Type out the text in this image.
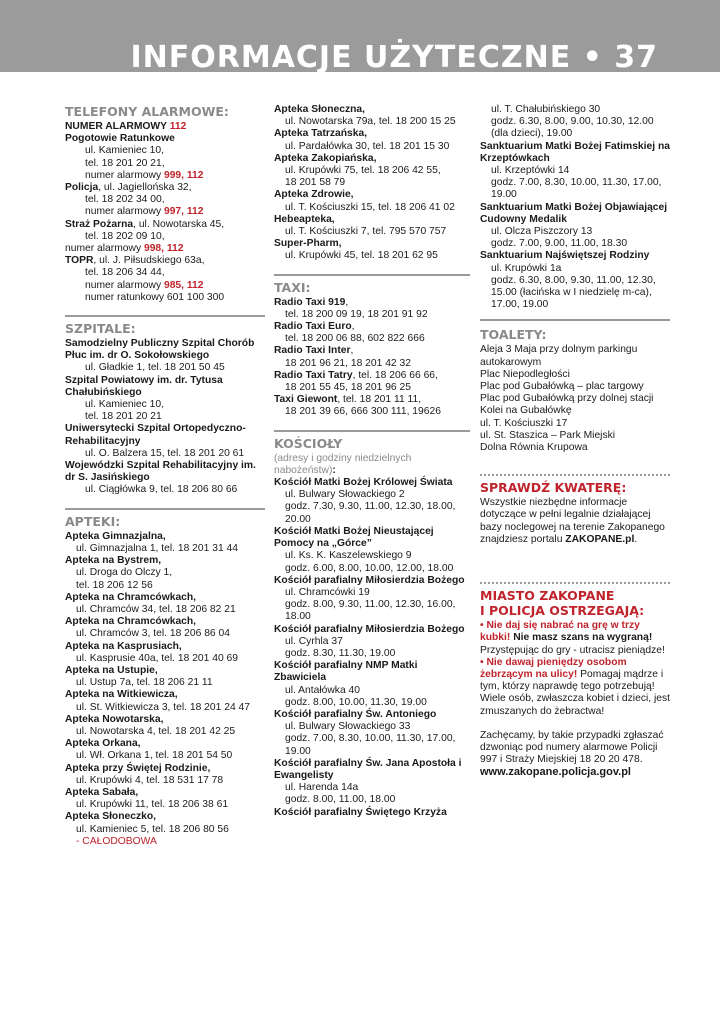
INFORMACJE UŻYTECZNE • 37
TELEFONY ALARMOWE:
NUMER ALARMOWY 112
Pogotowie Ratunkowe
ul. Kamieniec 10,
tel. 18 201 20 21,
numer alarmowy 999, 112
Policja, ul. Jagiellońska 32,
tel. 18 202 34 00,
numer alarmowy 997, 112
Straż Pożarna, ul. Nowotarska 45,
tel. 18 202 09 10,
numer alarmowy 998, 112
TOPR, ul. J. Piłsudskiego 63a,
tel. 18 206 34 44,
numer alarmowy 985, 112
numer ratunkowy 601 100 300
SZPITALE:
Samodzielny Publiczny Szpital Chorób Płuc im. dr O. Sokołowskiego
ul. Gładkie 1, tel. 18 201 50 45
Szpital Powiatowy im. dr. Tytusa Chałubińskiego
ul. Kamieniec 10,
tel. 18 201 20 21
Uniwersytecki Szpital Ortopedyczno-Rehabilitacyjny
ul. O. Balzera 15, tel. 18 201 20 61
Wojewódzki Szpital Rehabilitacyjny im. dr S. Jasińskiego
ul. Ciągłówka 9, tel. 18 206 80 66
APTEKI:
Apteka Gimnazjalna,
ul. Gimnazjalna 1, tel. 18 201 31 44
Apteka na Bystrem,
ul. Droga do Olczy 1,
tel. 18 206 12 56
Apteka na Chramcówkach,
ul. Chramców 34, tel. 18 206 82 21
Apteka na Chramcówkach,
ul. Chramców 3, tel. 18 206 86 04
Apteka na Kasprusiach,
ul. Kasprusie 40a, tel. 18 201 40 69
Apteka na Ustupie,
ul. Ustup 7a, tel. 18 206 21 11
Apteka na Witkiewicza,
ul. St. Witkiewicza 3, tel. 18 201 24 47
Apteka Nowotarska,
ul. Nowotarska 4, tel. 18 201 42 25
Apteka Orkana,
ul. Wł. Orkana 1, tel. 18 201 54 50
Apteka przy Świętej Rodzinie,
ul. Krupówki 4, tel. 18 531 17 78
Apteka Sabała,
ul. Krupówki 11, tel. 18 206 38 61
Apteka Słoneczko,
ul. Kamieniec 5, tel. 18 206 80 56
- CAŁODOBOWA
Apteka Słoneczna,
ul. Nowotarska 79a, tel. 18 200 15 25
Apteka Tatrzańska,
ul. Pardałówka 30, tel. 18 201 15 30
Apteka Zakopiańska,
ul. Krupówki 75, tel. 18 206 42 55,
18 201 58 79
Apteka Zdrowie,
ul. T. Kościuszki 15, tel. 18 206 41 02
Hebeapteka,
ul. T. Kościuszki 7, tel. 795 570 757
Super-Pharm,
ul. Krupówki 45, tel. 18 201 62 95
TAXI:
Radio Taxi 919,
tel. 18 200 09 19, 18 201 91 92
Radio Taxi Euro,
tel. 18 200 06 88, 602 822 666
Radio Taxi Inter,
18 201 96 21, 18 201 42 32
Radio Taxi Tatry, tel. 18 206 66 66,
18 201 55 45, 18 201 96 25
Taxi Giewont, tel. 18 201 11 11,
18 201 39 66, 666 300 111, 19626
KOŚCIOŁY
(adresy i godziny niedzielnych nabożeństw):
Kościół Matki Bożej Królowej Świata
ul. Bulwary Słowackiego 2
godz. 7.30, 9.30, 11.00, 12.30, 18.00, 20.00
Kościół Matki Bożej Nieustającej Pomocy na „Górce”
ul. Ks. K. Kaszelewskiego 9
godz. 6.00, 8.00, 10.00, 12.00, 18.00
Kościół parafialny Miłosierdzia Bożego
ul. Chramcówki 19
godz. 8.00, 9.30, 11.00, 12.30, 16.00, 18.00
Kościół parafialny Miłosierdzia Bożego
ul. Cyrhla 37
godz. 8.30, 11.30, 19.00
Kościół parafialny NMP Matki Zbawiciela
ul. Antałówka 40
godz. 8.00, 10.00, 11.30, 19.00
Kościół parafialny Św. Antoniego
ul. Bulwary Słowackiego 33
godz. 7.00, 8.30, 10.00, 11.30, 17.00, 19.00
Kościół parafialny Św. Jana Apostoła i Ewangelisty
ul. Harenda 14a
godz. 8.00, 11.00, 18.00
Kościół parafialny Świętego Krzyża
ul. T. Chałubińskiego 30
godz. 6.30, 8.00, 9.00, 10.30, 12.00
(dla dzieci), 19.00
Sanktuarium Matki Bożej Fatimskiej na Krzeptówkach
ul. Krzeptówki 14
godz. 7.00, 8.30, 10.00, 11.30, 17.00, 19.00
Sanktuarium Matki Bożej Objawiającej Cudowny Medalik
ul. Olcza Piszczory 13
godz. 7.00, 9.00, 11.00, 18.30
Sanktuarium Najświętszej Rodziny
ul. Krupówki 1a
godz. 6.30, 8.00, 9.30, 11.00, 12.30, 15.00 (łacińska w I niedzielę m-ca), 17.00, 19.00
TOALETY:
Aleja 3 Maja przy dolnym parkingu autokarowym
Plac Niepodległości
Plac pod Gubałówką – plac targowy
Plac pod Gubałówką przy dolnej stacji Kolei na Gubałówkę
ul. T. Kościuszki 17
ul. St. Staszica – Park Miejski
Dolna Równia Krupowa
SPRAWDŹ KWATERĘ:
Wszystkie niezbędne informacje dotyczące w pełni legalnie działającej bazy noclegowej na terenie Zakopanego znajdziesz portalu ZAKOPANE.pl.
MIASTO ZAKOPANE
I POLICJA OSTRZEGAJĄ:
• Nie daj się nabrać na grę w trzy kubki! Nie masz szans na wygraną! Przystępując do gry - utracisz pieniądze!
• Nie dawaj pieniędzy osobom żebrzącym na ulicy! Pomagaj mądrze i tym, którzy naprawdę tego potrzebują! Wiele osób, zwłaszcza kobiet i dzieci, jest zmuszanych do żebractwa!
Zachęcamy, by takie przypadki zgłaszać dzwoniąc pod numery alarmowe Policji 997 i Straży Miejskiej 18 20 20 478.
www.zakopane.policja.gov.pl
